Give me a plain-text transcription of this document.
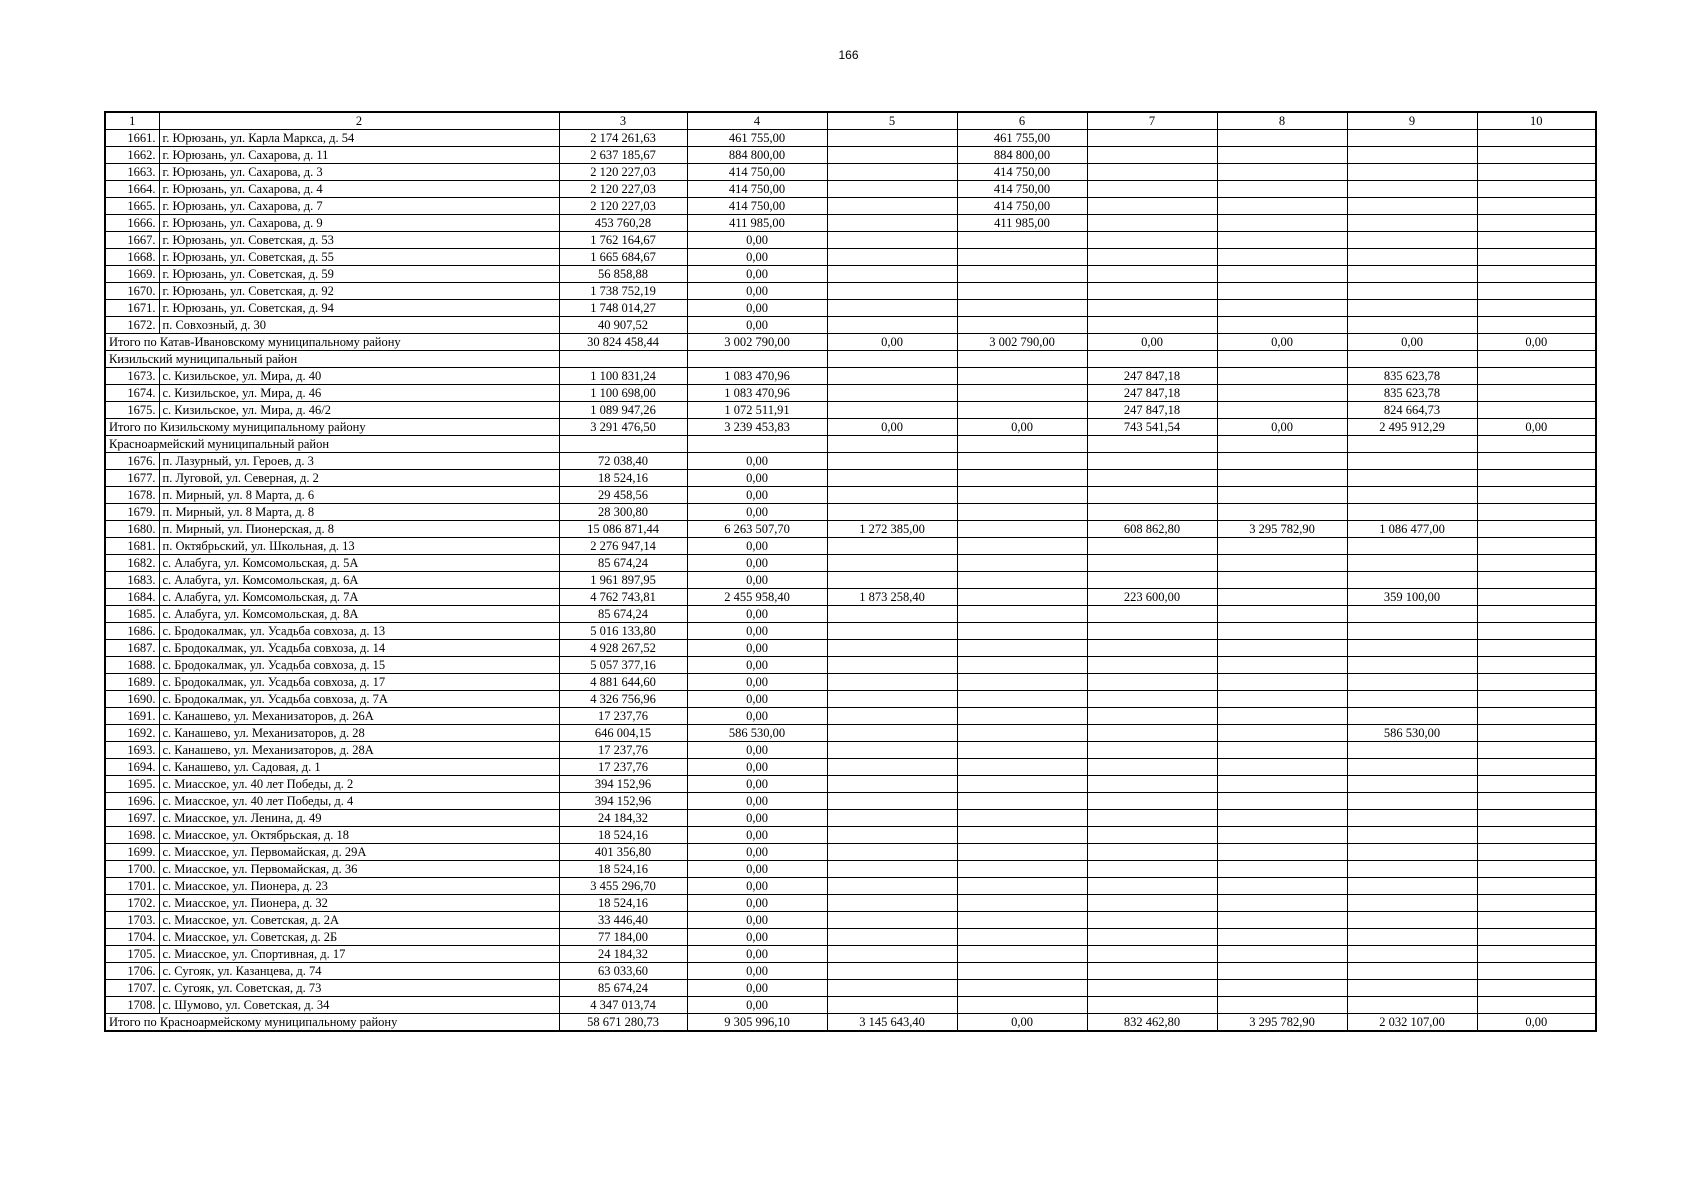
166
1	2	3	4	5	6	7	8	9	10
1661.	г. Юрюзань, ул. Карла Маркса, д. 54	2 174 261,63	461 755,00		461 755,00				
1662.	г. Юрюзань, ул. Сахарова, д. 11	2 637 185,67	884 800,00		884 800,00				
1663.	г. Юрюзань, ул. Сахарова, д. 3	2 120 227,03	414 750,00		414 750,00				
1664.	г. Юрюзань, ул. Сахарова, д. 4	2 120 227,03	414 750,00		414 750,00				
1665.	г. Юрюзань, ул. Сахарова, д. 7	2 120 227,03	414 750,00		414 750,00				
1666.	г. Юрюзань, ул. Сахарова, д. 9	453 760,28	411 985,00		411 985,00				
1667.	г. Юрюзань, ул. Советская, д. 53	1 762 164,67	0,00						
1668.	г. Юрюзань, ул. Советская, д. 55	1 665 684,67	0,00						
1669.	г. Юрюзань, ул. Советская, д. 59	56 858,88	0,00						
1670.	г. Юрюзань, ул. Советская, д. 92	1 738 752,19	0,00						
1671.	г. Юрюзань, ул. Советская, д. 94	1 748 014,27	0,00						
1672.	п. Совхозный, д. 30	40 907,52	0,00						
Итого по Катав-Ивановскому муниципальному району		30 824 458,44	3 002 790,00	0,00	3 002 790,00	0,00	0,00	0,00	0,00
Кизильский муниципальный район									
1673.	с. Кизильское, ул. Мира, д. 40	1 100 831,24	1 083 470,96			247 847,18		835 623,78	
1674.	с. Кизильское, ул. Мира, д. 46	1 100 698,00	1 083 470,96			247 847,18		835 623,78	
1675.	с. Кизильское, ул. Мира, д. 46/2	1 089 947,26	1 072 511,91			247 847,18		824 664,73	
Итого по Кизильскому муниципальному району		3 291 476,50	3 239 453,83	0,00	0,00	743 541,54	0,00	2 495 912,29	0,00
Красноармейский муниципальный район									
1676.	п. Лазурный, ул. Героев, д. 3	72 038,40	0,00						
1677.	п. Луговой, ул. Северная, д. 2	18 524,16	0,00						
1678.	п. Мирный, ул. 8 Марта, д. 6	29 458,56	0,00						
1679.	п. Мирный, ул. 8 Марта, д. 8	28 300,80	0,00						
1680.	п. Мирный, ул. Пионерская, д. 8	15 086 871,44	6 263 507,70	1 272 385,00		608 862,80	3 295 782,90	1 086 477,00	
1681.	п. Октябрьский, ул. Школьная, д. 13	2 276 947,14	0,00						
1682.	с. Алабуга, ул. Комсомольская, д. 5А	85 674,24	0,00						
1683.	с. Алабуга, ул. Комсомольская, д. 6А	1 961 897,95	0,00						
1684.	с. Алабуга, ул. Комсомольская, д. 7А	4 762 743,81	2 455 958,40	1 873 258,40		223 600,00		359 100,00	
1685.	с. Алабуга, ул. Комсомольская, д. 8А	85 674,24	0,00						
1686.	с. Бродокалмак, ул. Усадьба совхоза, д. 13	5 016 133,80	0,00						
1687.	с. Бродокалмак, ул. Усадьба совхоза, д. 14	4 928 267,52	0,00						
1688.	с. Бродокалмак, ул. Усадьба совхоза, д. 15	5 057 377,16	0,00						
1689.	с. Бродокалмак, ул. Усадьба совхоза, д. 17	4 881 644,60	0,00						
1690.	с. Бродокалмак, ул. Усадьба совхоза, д. 7А	4 326 756,96	0,00						
1691.	с. Канашево, ул. Механизаторов, д. 26А	17 237,76	0,00						
1692.	с. Канашево, ул. Механизаторов, д. 28	646 004,15	586 530,00					586 530,00	
1693.	с. Канашево, ул. Механизаторов, д. 28А	17 237,76	0,00						
1694.	с. Канашево, ул. Садовая, д. 1	17 237,76	0,00						
1695.	с. Миасское, ул. 40 лет Победы, д. 2	394 152,96	0,00						
1696.	с. Миасское, ул. 40 лет Победы, д. 4	394 152,96	0,00						
1697.	с. Миасское, ул. Ленина, д. 49	24 184,32	0,00						
1698.	с. Миасское, ул. Октябрьская, д. 18	18 524,16	0,00						
1699.	с. Миасское, ул. Первомайская, д. 29А	401 356,80	0,00						
1700.	с. Миасское, ул. Первомайская, д. 36	18 524,16	0,00						
1701.	с. Миасское, ул. Пионера, д. 23	3 455 296,70	0,00						
1702.	с. Миасское, ул. Пионера, д. 32	18 524,16	0,00						
1703.	с. Миасское, ул. Советская, д. 2А	33 446,40	0,00						
1704.	с. Миасское, ул. Советская, д. 2Б	77 184,00	0,00						
1705.	с. Миасское, ул. Спортивная, д. 17	24 184,32	0,00						
1706.	с. Сугояк, ул. Казанцева, д. 74	63 033,60	0,00						
1707.	с. Сугояк, ул. Советская, д. 73	85 674,24	0,00						
1708.	с. Шумово, ул. Советская, д. 34	4 347 013,74	0,00						
Итого по Красноармейскому муниципальному району		58 671 280,73	9 305 996,10	3 145 643,40	0,00	832 462,80	3 295 782,90	2 032 107,00	0,00
